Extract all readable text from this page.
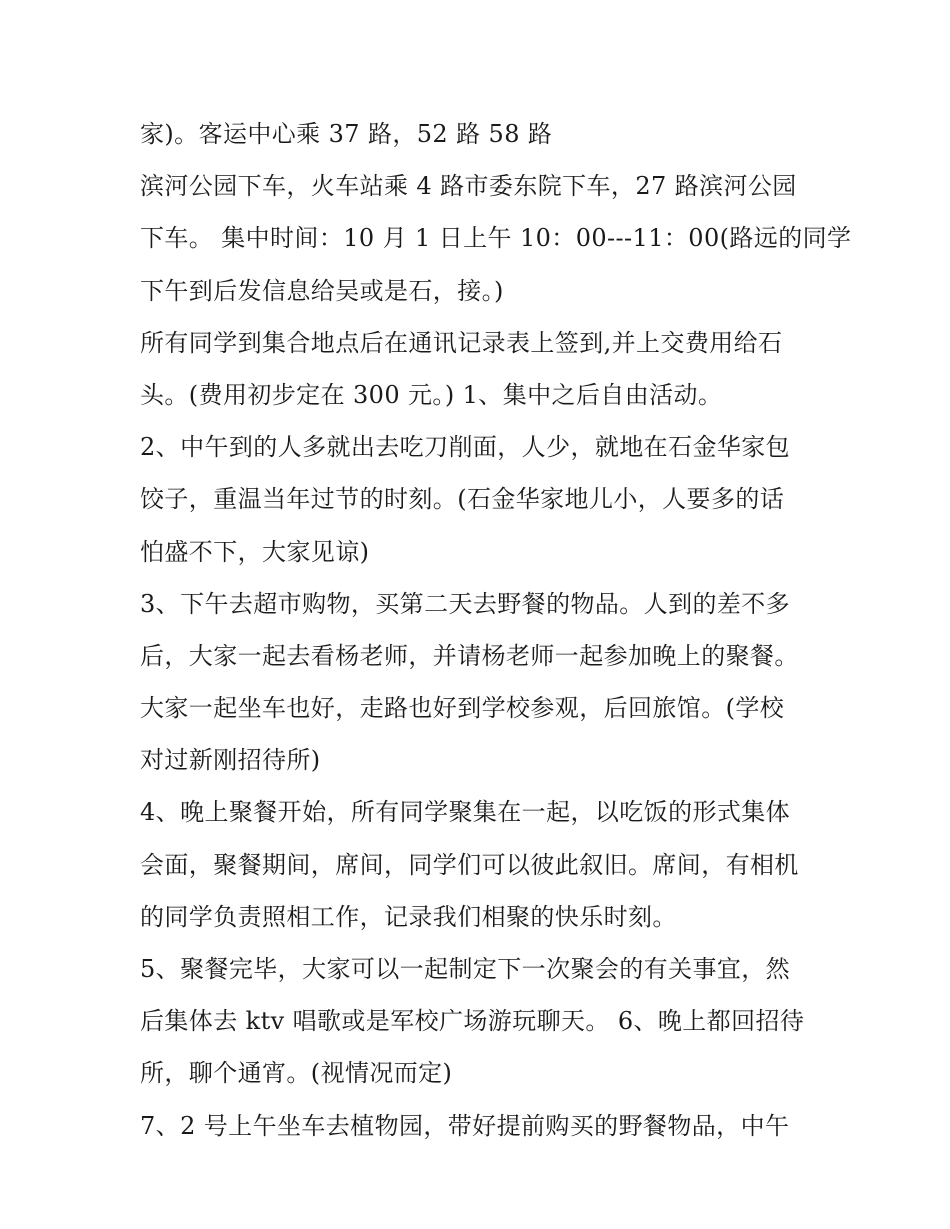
家)。客运中心乘 37 路，52 路 58 路
滨河公园下车，火车站乘 4 路市委东院下车，27 路滨河公园
下车。 集中时间：10 月 1 日上午 10：00---11：00(路远的同学
下午到后发信息给吴或是石，接。)
所有同学到集合地点后在通讯记录表上签到,并上交费用给石
头。(费用初步定在 300 元。) 1、集中之后自由活动。
2、中午到的人多就出去吃刀削面，人少，就地在石金华家包
饺子，重温当年过节的时刻。(石金华家地儿小，人要多的话
怕盛不下，大家见谅)
3、下午去超市购物，买第二天去野餐的物品。人到的差不多
后，大家一起去看杨老师，并请杨老师一起参加晚上的聚餐。
大家一起坐车也好，走路也好到学校参观，后回旅馆。(学校
对过新刚招待所)
4、晚上聚餐开始，所有同学聚集在一起，以吃饭的形式集体
会面，聚餐期间，席间，同学们可以彼此叙旧。席间，有相机
的同学负责照相工作，记录我们相聚的快乐时刻。
5、聚餐完毕，大家可以一起制定下一次聚会的有关事宜，然
后集体去 ktv 唱歌或是军校广场游玩聊天。 6、晚上都回招待
所，聊个通宵。(视情况而定)
7、2 号上午坐车去植物园，带好提前购买的野餐物品，中午
